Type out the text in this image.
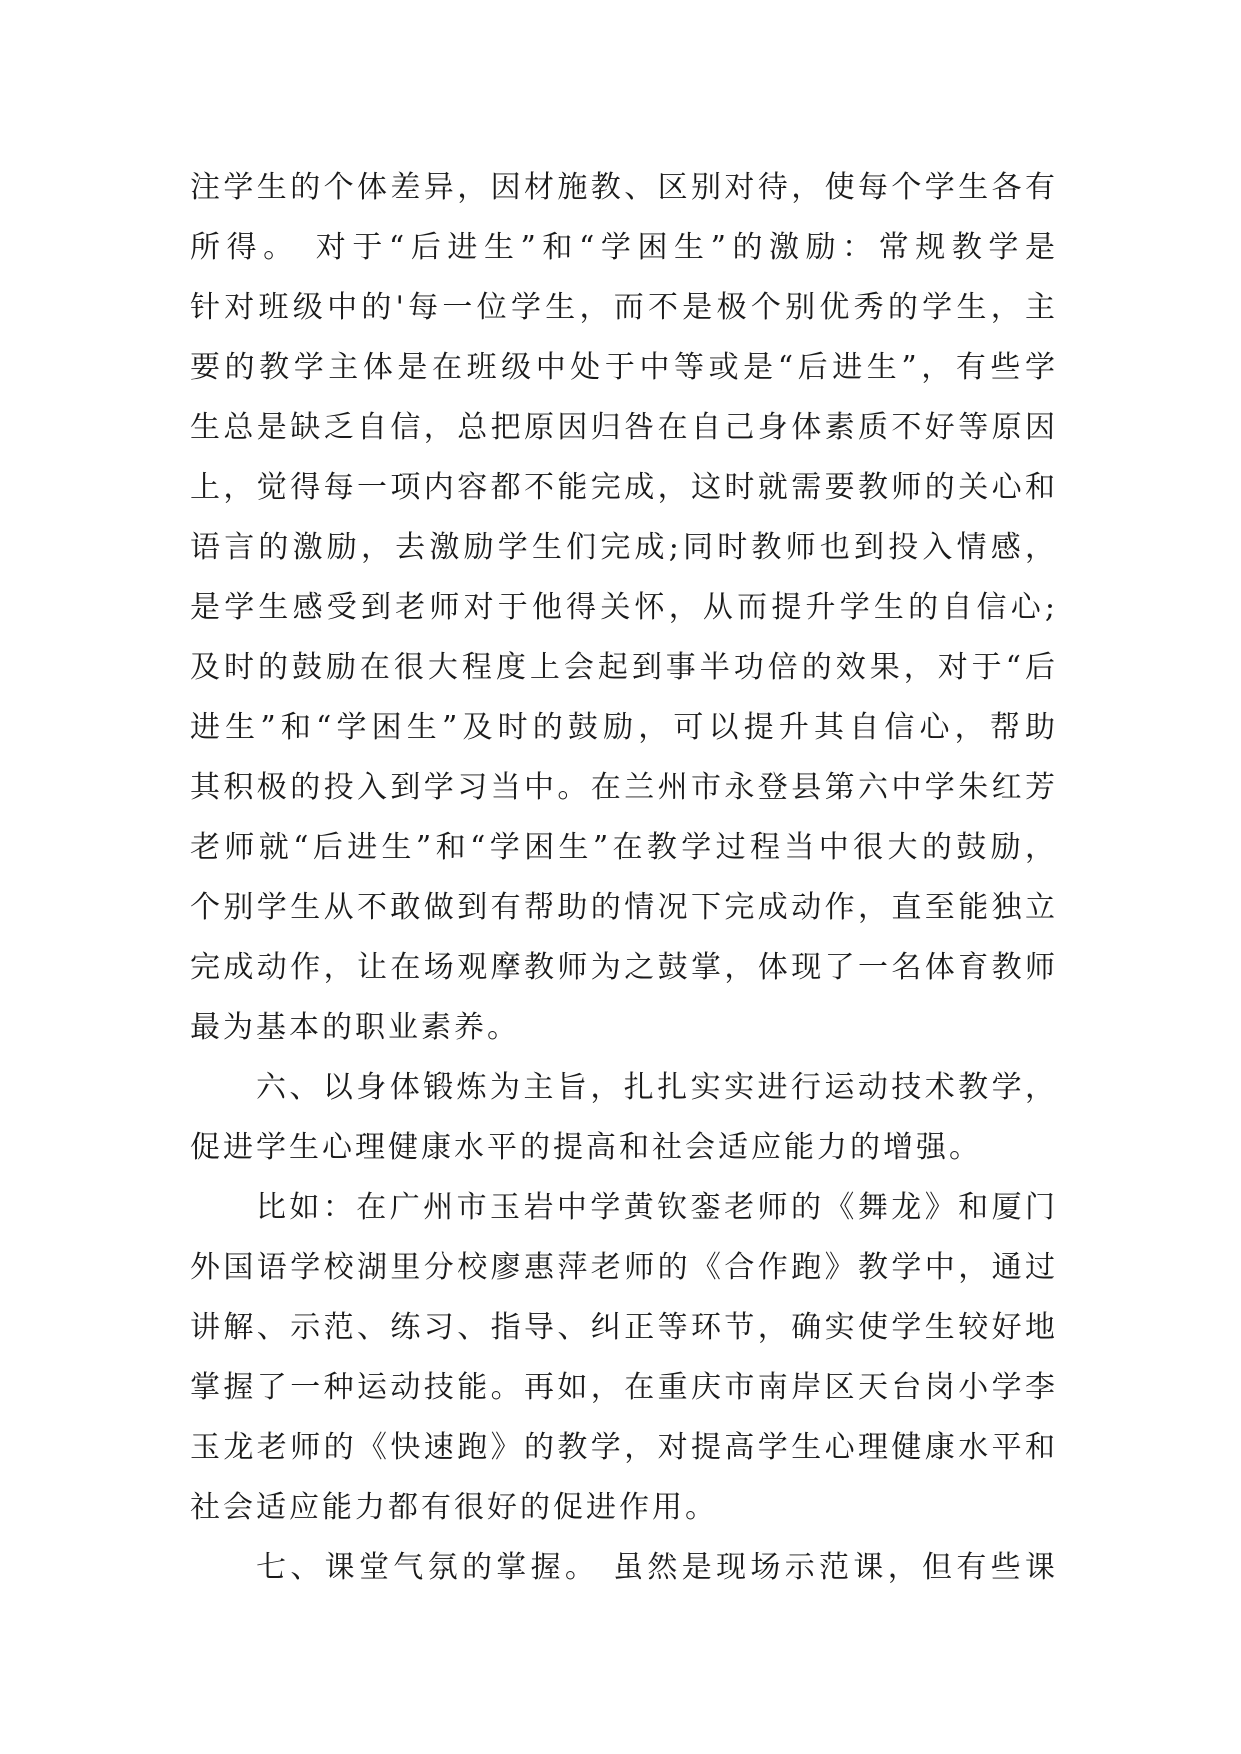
注学生的个体差异，因材施教、区别对待，使每个学生各有
所得。 对于“后进生”和“学困生”的激励：常规教学是
针对班级中的'每一位学生，而不是极个别优秀的学生，主
要的教学主体是在班级中处于中等或是“后进生”，有些学
生总是缺乏自信，总把原因归咎在自己身体素质不好等原因
上，觉得每一项内容都不能完成，这时就需要教师的关心和
语言的激励，去激励学生们完成;同时教师也到投入情感，
是学生感受到老师对于他得关怀，从而提升学生的自信心;
及时的鼓励在很大程度上会起到事半功倍的效果，对于“后
进生”和“学困生”及时的鼓励，可以提升其自信心，帮助
其积极的投入到学习当中。在兰州市永登县第六中学朱红芳
老师就“后进生”和“学困生”在教学过程当中很大的鼓励，
个别学生从不敢做到有帮助的情况下完成动作，直至能独立
完成动作，让在场观摩教师为之鼓掌，体现了一名体育教师
最为基本的职业素养。
六、以身体锻炼为主旨，扎扎实实进行运动技术教学，
促进学生心理健康水平的提高和社会适应能力的增强。
比如：在广州市玉岩中学黄钦銮老师的《舞龙》和厦门
外国语学校湖里分校廖惠萍老师的《合作跑》教学中，通过
讲解、示范、练习、指导、纠正等环节，确实使学生较好地
掌握了一种运动技能。再如，在重庆市南岸区天台岗小学李
玉龙老师的《快速跑》的教学，对提高学生心理健康水平和
社会适应能力都有很好的促进作用。
七、课堂气氛的掌握。 虽然是现场示范课，但有些课
